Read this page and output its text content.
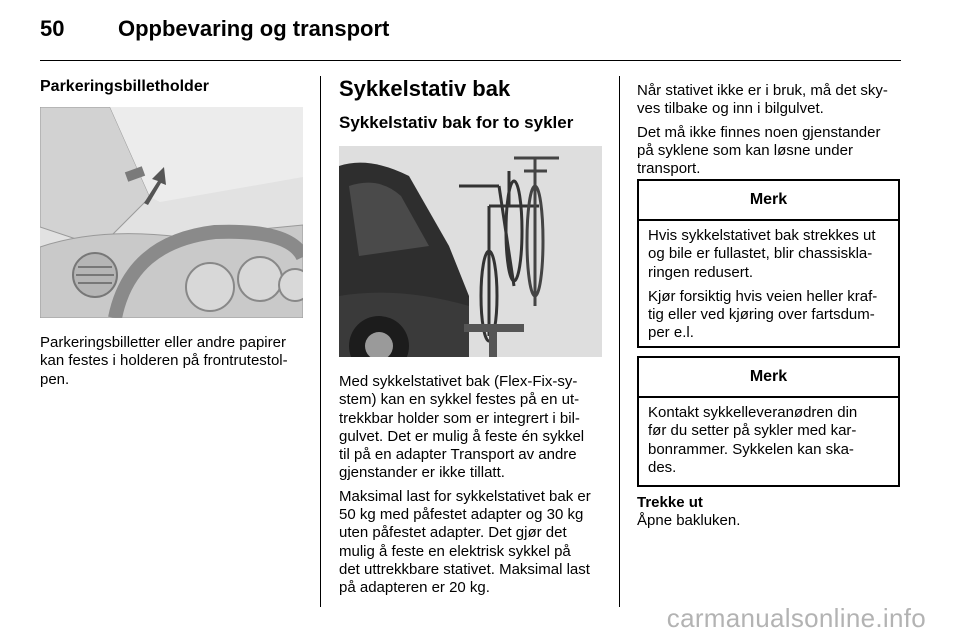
50 Oppbevaring og transport

Parkeringsbilletholder

Parkeringsbilletter eller andre papirer

kan festes i holderen på frontrutestol-

pen.

Sykkelstativ bak

Sykkelstativ bak for to sykler

Med sykkelstativet bak (Flex-Fix-sy-

stem) kan en sykkel festes på en ut-

trekkbar holder som er integrert i bil-

gulvet. Det er mulig å feste én sykkel

til på en adapter Transport av andre

gjenstander er ikke tillatt.

Maksimal last for sykkelstativet bak er

50 kg med påfestet adapter og 30 kg

uten påfestet adapter. Det gjør det

mulig å feste en elektrisk sykkel på

det uttrekkbare stativet. Maksimal last

på adapteren er 20 kg.

Når stativet ikke er i bruk, må det sky-

ves tilbake og inn i bilgulvet.

Det må ikke finnes noen gjenstander

på syklene som kan løsne under

transport.

Merk

Hvis sykkelstativet bak strekkes ut
og bile er fullastet, blir chassiskla-
ringen redusert.

Kjør forsiktig hvis veien heller kraf-
tig eller ved kjøring over fartsdum-
per e.l.

Merk

Kontakt sykkelleveranødren din
før du setter på sykler med kar-
bonrammer. Sykkelen kan ska-
des.

Trekke ut

Åpne bakluken.

carmanualsonline.info
